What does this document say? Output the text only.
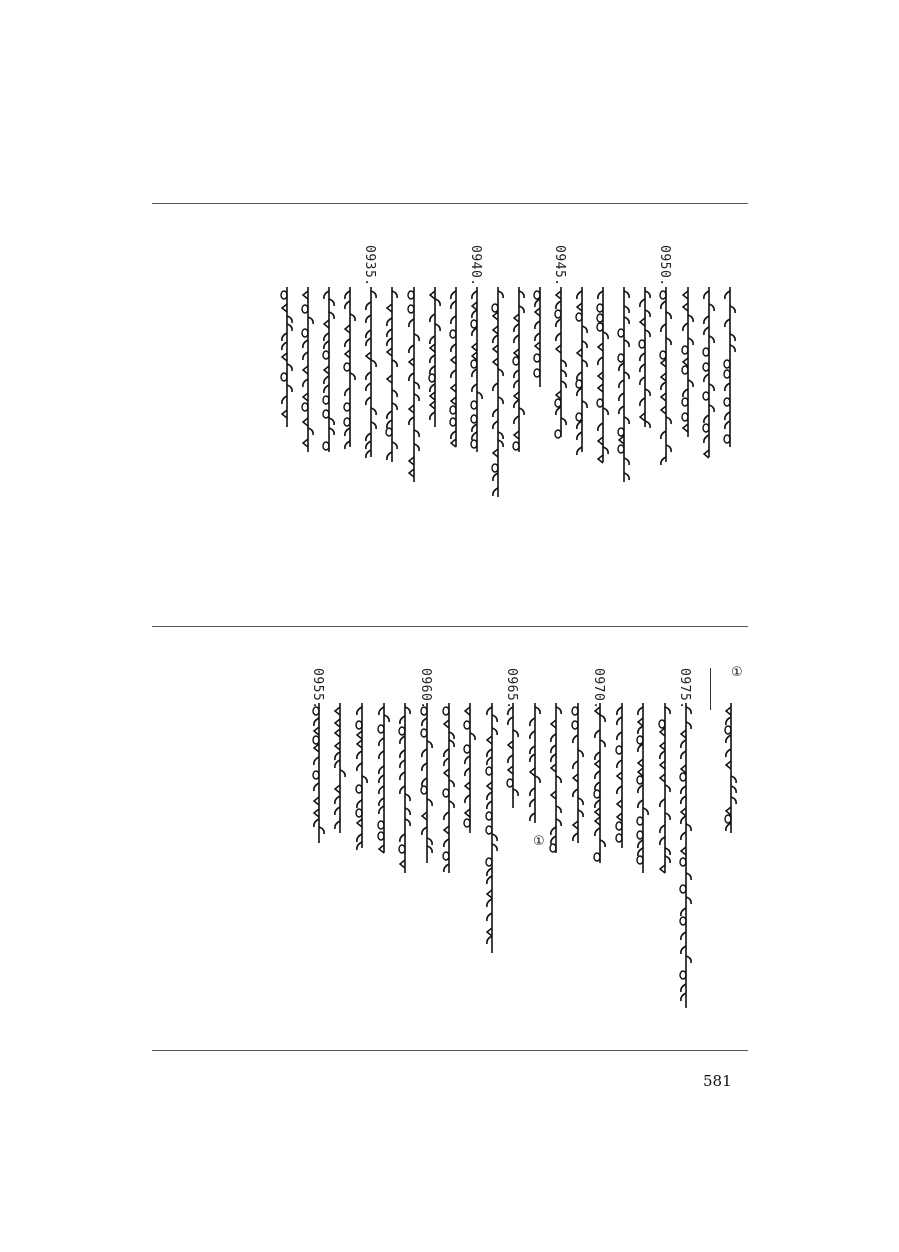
0950.
0945.
0940.
0935.
0975.
0970.
0965.
0960.
0955.	①
①
581
